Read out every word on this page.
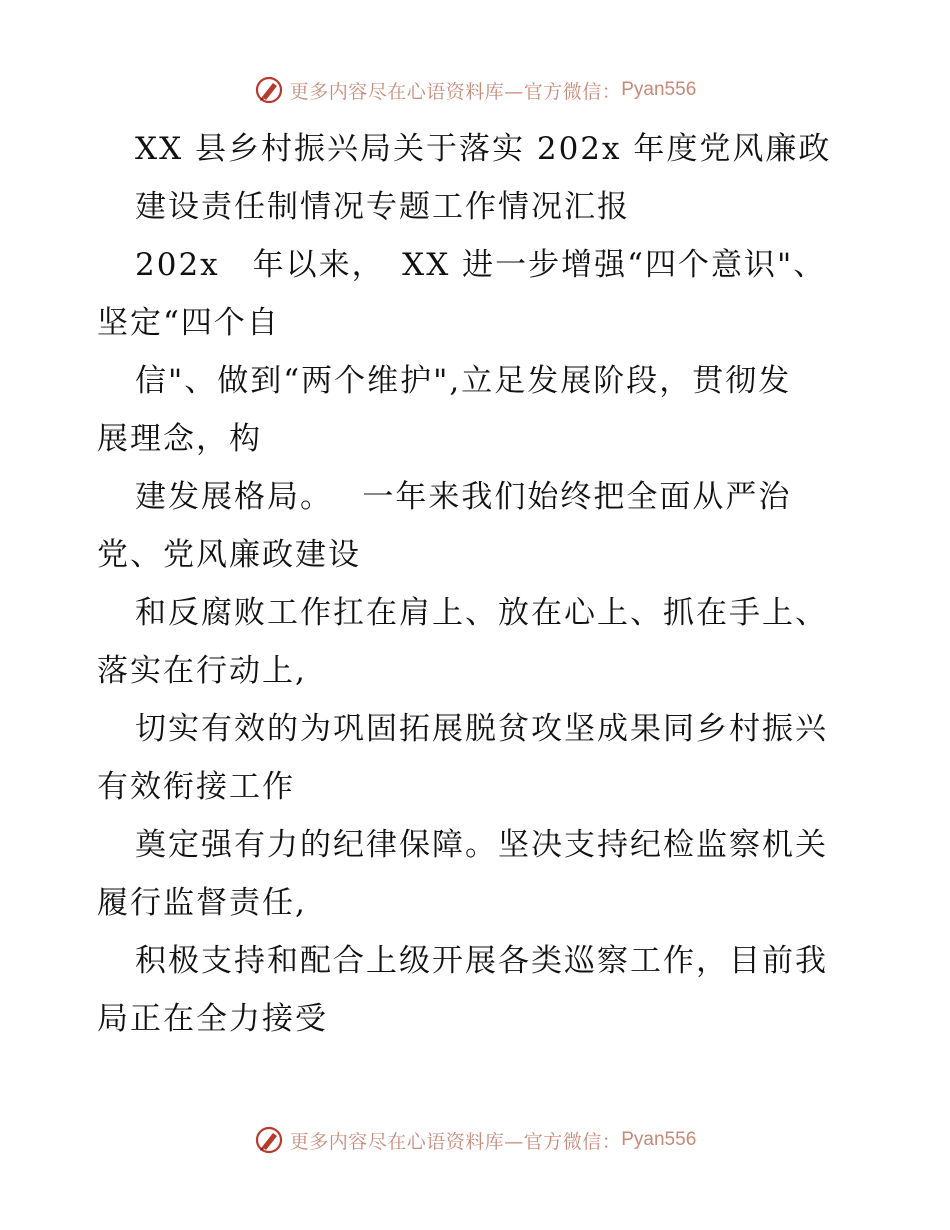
更多内容尽在心语资料库—官方微信： Pyan556
XX 县乡村振兴局关于落实 202x 年度党风廉政
建设责任制情况专题工作情况汇报
202x　年以来，　XX 进一步增强“四个意识"、
坚定“四个自
信"、做到“两个维护",立足发展阶段，贯彻发
展理念，构
建发展格局。　 一年来我们始终把全面从严治
党、党风廉政建设
和反腐败工作扛在肩上、放在心上、抓在手上、
落实在行动上,
切实有效的为巩固拓展脱贫攻坚成果同乡村振兴
有效衔接工作
奠定强有力的纪律保障。坚决支持纪检监察机关
履行监督责任,
积极支持和配合上级开展各类巡察工作，目前我
局正在全力接受
更多内容尽在心语资料库—官方微信： Pyan556
